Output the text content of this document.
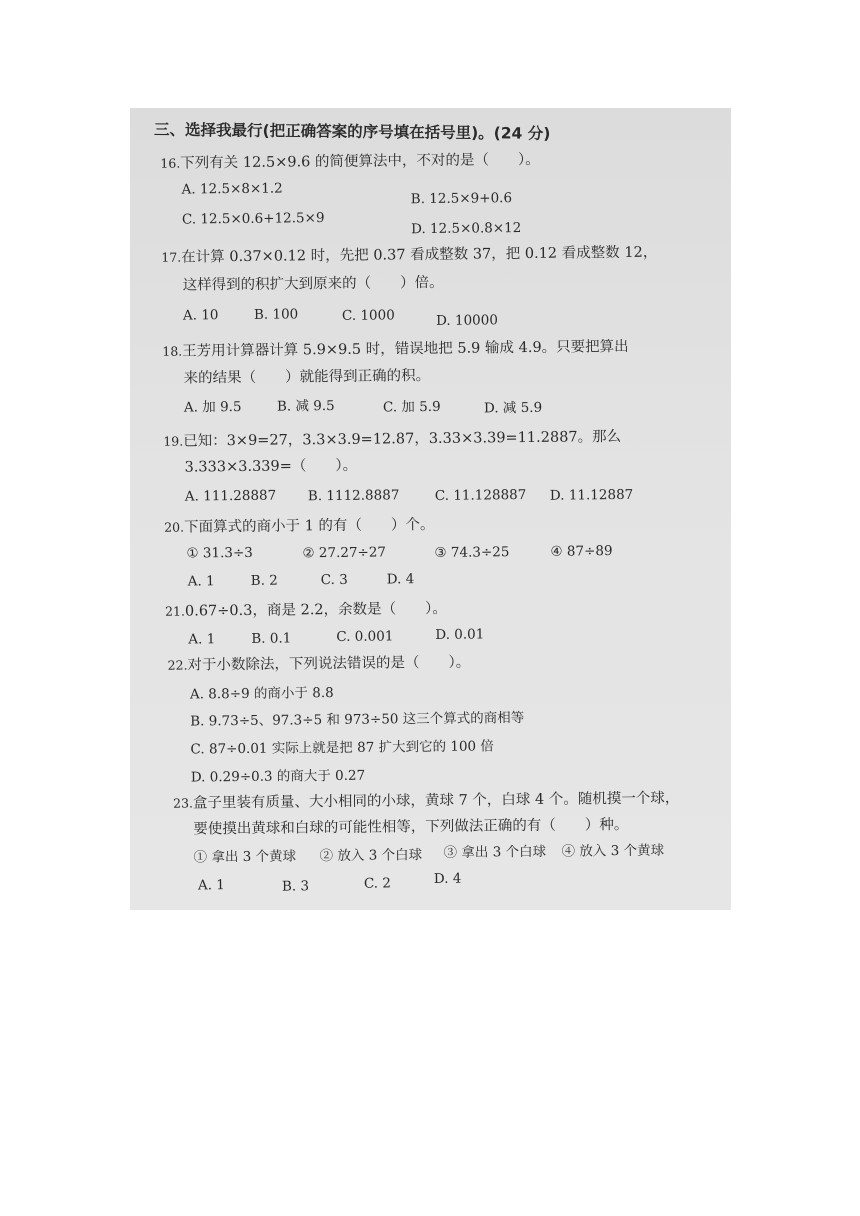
三、选择我最行(把正确答案的序号填在括号里)。(24 分)
16.下列有关 12.5×9.6 的简便算法中，不对的是（　　）。
A. 12.5×8×1.2
B. 12.5×9+0.6
C. 12.5×0.6+12.5×9
D. 12.5×0.8×12
17.在计算 0.37×0.12 时，先把 0.37 看成整数 37，把 0.12 看成整数 12，
这样得到的积扩大到原来的（　　）倍。
A. 10	B. 100	C. 1000	D. 10000
18.王芳用计算器计算 5.9×9.5 时，错误地把 5.9 输成 4.9。只要把算出
来的结果（　　）就能得到正确的积。
A. 加 9.5	B. 减 9.5	C. 加 5.9	D. 减 5.9
19.已知：3×9=27，3.3×3.9=12.87，3.33×3.39=11.2887。那么
3.333×3.339=（　　）。
A. 111.28887 B. 1112.8887	C. 11.128887 D. 11.12887
20.下面算式的商小于 1 的有（　　）个。
① 31.3÷3	② 27.27÷27	③ 74.3÷25	④ 87÷89
A. 1	B. 2	C. 3	D. 4
21.0.67÷0.3，商是 2.2，余数是（　　）。
A. 1	B. 0.1	C. 0.001	D. 0.01
22.对于小数除法，下列说法错误的是（　　）。
A. 8.8÷9 的商小于 8.8
B. 9.73÷5、97.3÷5 和 973÷50 这三个算式的商相等
C. 87÷0.01 实际上就是把 87 扩大到它的 100 倍
D. 0.29÷0.3 的商大于 0.27
23.盒子里装有质量、大小相同的小球，黄球 7 个，白球 4 个。随机摸一个球，
要使摸出黄球和白球的可能性相等，下列做法正确的有（　　）种。
① 拿出 3 个黄球 ② 放入 3 个白球 ③ 拿出 3 个白球 ④ 放入 3 个黄球
A. 1	B. 3	C. 2	D. 4
